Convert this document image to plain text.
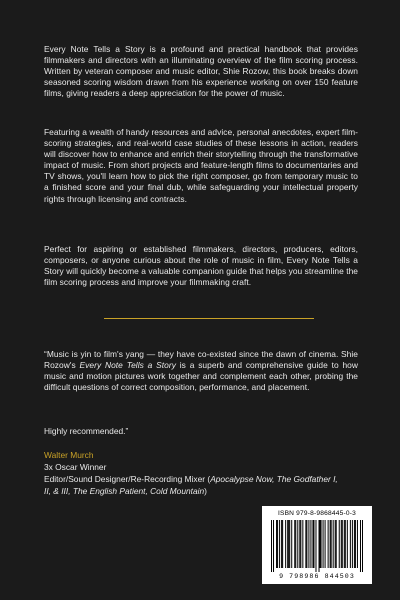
Every Note Tells a Story is a profound and practical handbook that provides filmmakers and directors with an illuminating overview of the film scoring process. Written by veteran composer and music editor, Shie Rozow, this book breaks down seasoned scoring wisdom drawn from his experience working on over 150 feature films, giving readers a deep appreciation for the power of music.

Featuring a wealth of handy resources and advice, personal anecdotes, expert film-scoring strategies, and real-world case studies of these lessons in action, readers will discover how to enhance and enrich their storytelling through the transformative impact of music. From short projects and feature-length films to documentaries and TV shows, you'll learn how to pick the right composer, go from temporary music to a finished score and your final dub, while safeguarding your intellectual property rights through licensing and contracts.

Perfect for aspiring or established filmmakers, directors, producers, editors, composers, or anyone curious about the role of music in film, Every Note Tells a Story will quickly become a valuable companion guide that helps you streamline the film scoring process and improve your filmmaking craft.

“Music is yin to film's yang — they have co-existed since the dawn of cinema. Shie Rozow's Every Note Tells a Story is a superb and comprehensive guide to how music and motion pictures work together and complement each other, probing the difficult questions of correct composition, performance, and placement.

Highly recommended.”
Walter Murch
3x Oscar Winner
Editor/Sound Designer/Re-Recording Mixer (Apocalypse Now, The Godfather I,
II, & III, The English Patient, Cold Mountain)
ISBN 979-8-9868445-0-3
9 798986 844503
